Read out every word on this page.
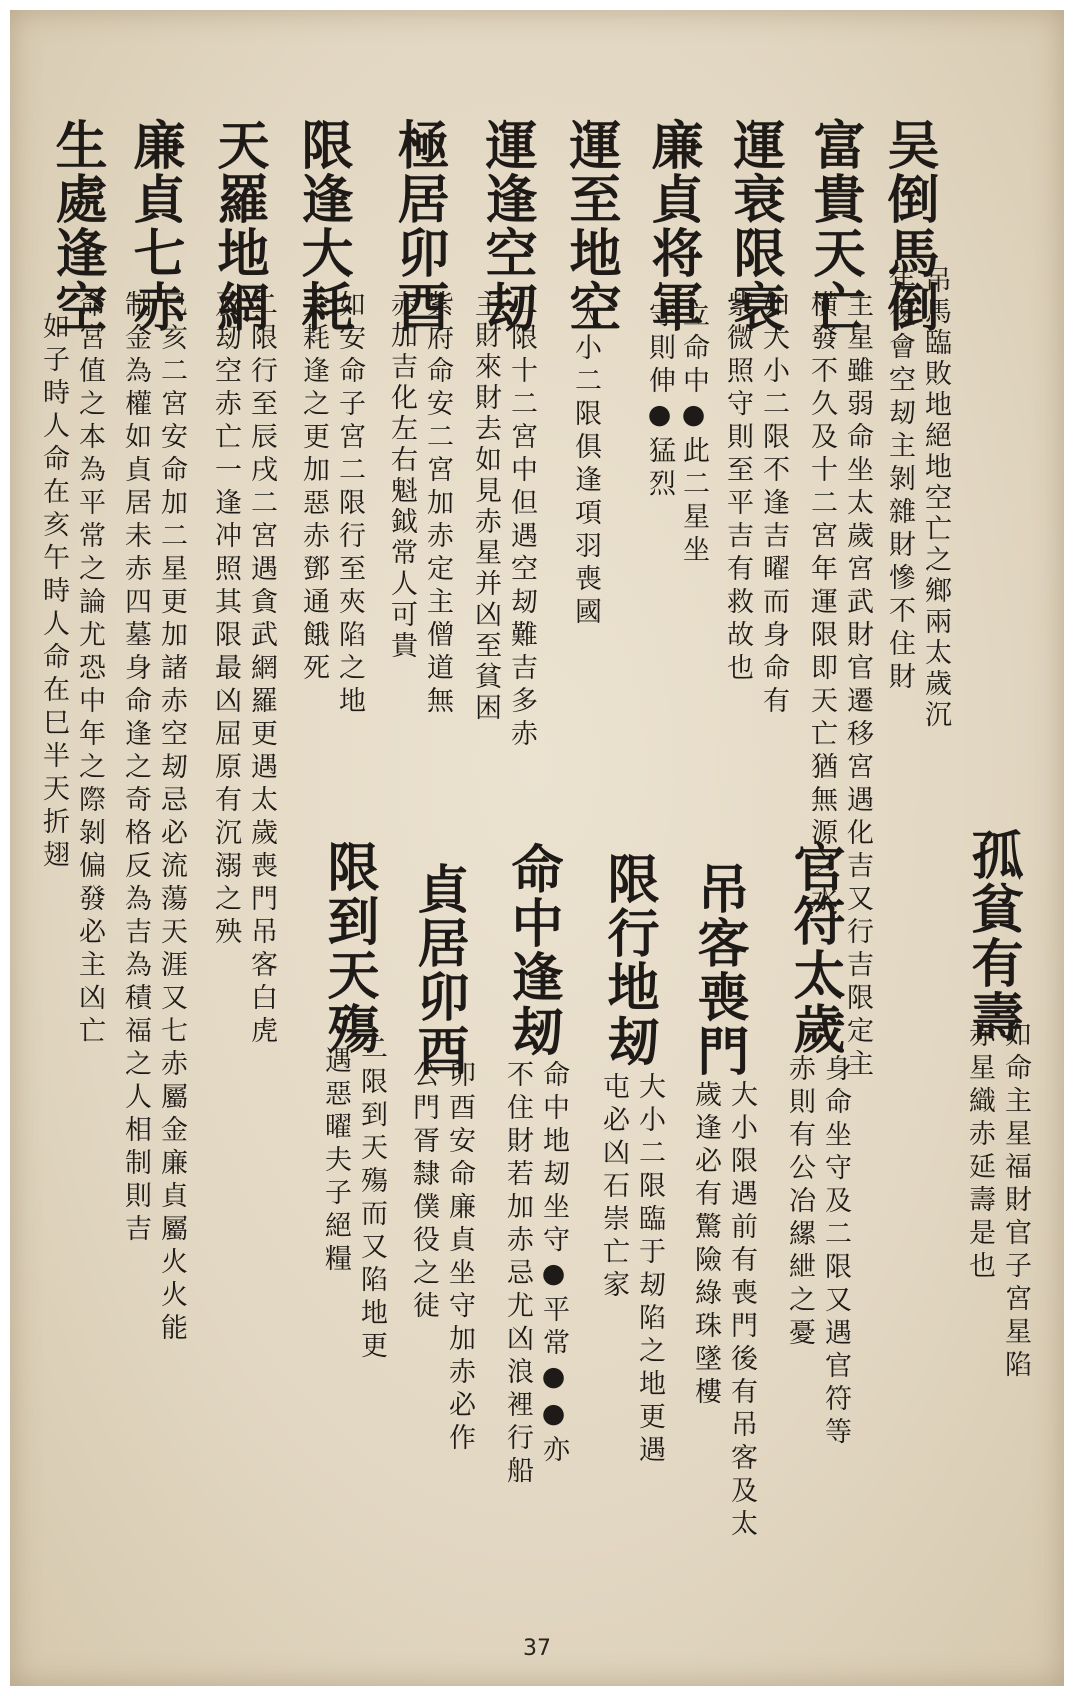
吴倒馬倒
吊馬臨敗地絕地空亡之鄉兩太歲沉
年復會空刼主剝雜財慘不住財
富貴天亡
主星雖弱命坐太歲宮武財官遷移宮遇化吉又行吉限定主
横發不久及十二宮年運限即天亡猶無源之水
運衰限衰
如大小二限不逢吉曜而身命有
紫微照守則至平吉有救故也
廉貞将軍
立命中●此二星坐
守則伸●猛烈
運至地空
大小二限俱逢項羽喪國
運逢空刼
二限十二宮中但遇空刼難吉多赤
主財來財去如見赤星并凶至貧困
極居卯酉
紫府命安二宮加赤定主僧道無
赤加吉化左右魁鉞常人可貴
限逢大耗
如安命子宮二限行至夾陷之地
大耗逢之更加惡赤鄧通餓死
天羅地網
二限行至辰戌二宮遇貪武網羅更遇太歲喪門吊客白虎
及刼空赤亡一逢冲照其限最凶屈原有沉溺之殃
廉貞七赤
巳亥二宮安命加二星更加諸赤空刼忌必流蕩天涯又七赤屬金廉貞屬火火能
制金為權如貞居未赤四墓身命逢之奇格反為吉為積福之人相制則吉
生處逢空
命宮值之本為平常之論尤恐中年之際剝偏發必主凶亡
如子時人命在亥午時人命在巳半天折翅
孤貧有壽
如命主星福財官子宮星陷
赤星織赤延壽是也
官符太歲
身命坐守及二限又遇官符等
赤則有公冶縲紲之憂
吊客喪門
大小限遇前有喪門後有吊客及太
歲逢必有驚險綠珠墜樓
限行地刼
大小二限臨于刼陷之地更遇
屯必凶石崇亡家
命中逢刼
命中地刼坐守●平常●●亦
不住財若加赤忌尤凶浪裡行船
貞居卯酉
卯酉安命廉貞坐守加赤必作
公門胥隸僕役之徒
限到天殤
二限到天殤而又陷地更
遇惡曜夫子絕糧
37
